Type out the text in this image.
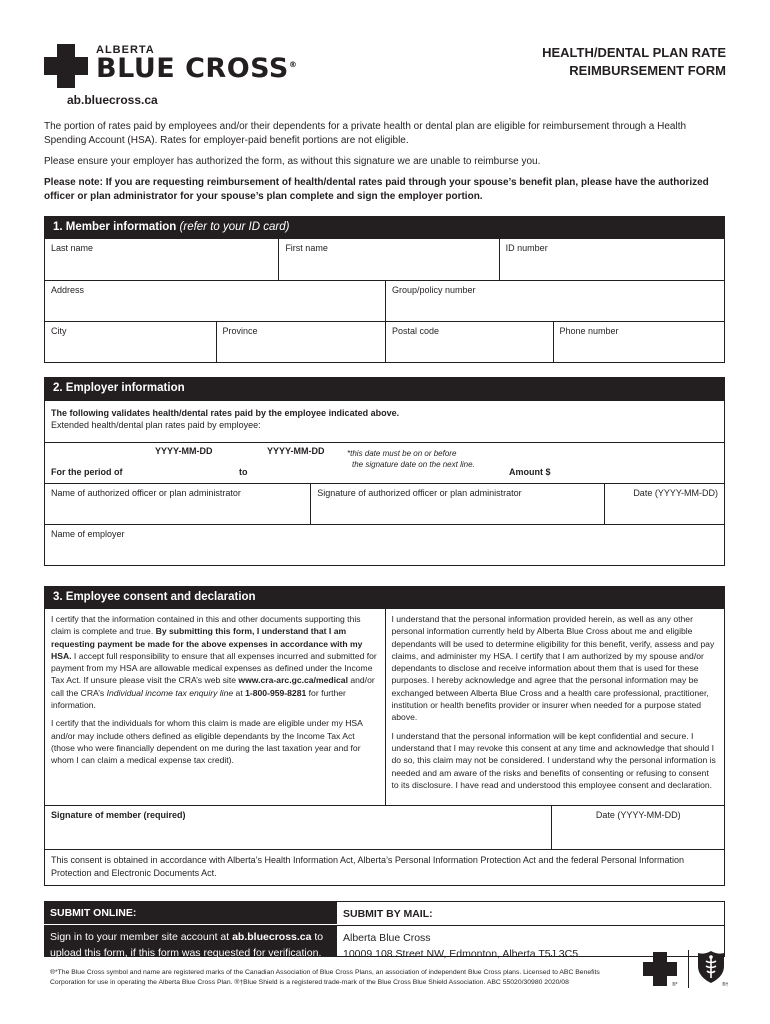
ALBERTA
BLUE CROSS®
ab.bluecross.ca
HEALTH/DENTAL PLAN RATE
REIMBURSEMENT FORM

The portion of rates paid by employees and/or their dependents for a private health or dental plan are eligible for reimbursement through a Health Spending Account (HSA). Rates for employer-paid benefit portions are not eligible.

Please ensure your employer has authorized the form, as without this signature we are unable to reimburse you.

Please note: If you are requesting reimbursement of health/dental rates paid through your spouse’s benefit plan, please have the authorized officer or plan administrator for your spouse’s plan complete and sign the employer portion.

1. Member information (refer to your ID card)
Last name	First name	ID number
Address	Group/policy number
City	Province	Postal code	Phone number
2. Employer information
The following validates health/dental rates paid by the employee indicated above.
Extended health/dental plan rates paid by employee:
YYYY-MM-DD	YYYY-MM-DD
For the period of	to
*this date must be on or before
the signature date on the next line.
Amount $
Name of authorized officer or plan administrator	Signature of authorized officer or plan administrator	Date (YYYY-MM-DD)
Name of employer
3. Employee consent and declaration

I certify that the information contained in this and other documents supporting this claim is complete and true. By submitting this form, I understand that I am requesting payment be made for the above expenses in accordance with my HSA. I accept full responsibility to ensure that all expenses incurred and submitted for payment from my HSA are allowable medical expenses as defined under the Income Tax Act. If unsure please visit the CRA’s web site www.cra-arc.gc.ca/medical and/or call the CRA’s Individual income tax enquiry line at 1-800-959-8281 for further information.

I certify that the individuals for whom this claim is made are eligible under my HSA and/or may include others defined as eligible dependants by the Income Tax Act (those who were financially dependent on me during the last taxation year and for whom I can claim a medical expense tax credit).

I understand that the personal information provided herein, as well as any other personal information currently held by Alberta Blue Cross about me and eligible dependants will be used to determine eligibility for this benefit, verify, assess and pay claims, and administer my HSA. I certify that I am authorized by my spouse and/or dependants to disclose and receive information about them that is used for these purposes. I hereby acknowledge and agree that the personal information may be exchanged between Alberta Blue Cross and a health care professional, practitioner, institution or health benefits provider or insurer when needed for a purpose stated above.

I understand that the personal information will be kept confidential and secure. I understand that I may revoke this consent at any time and acknowledge that should I do so, this claim may not be considered. I understand why the personal information is needed and am aware of the risks and benefits of consenting or refusing to consent to its disclosure. I have read and understood this employee consent and declaration.

Signature of member (required)	Date (YYYY-MM-DD)
This consent is obtained in accordance with Alberta’s Health Information Act, Alberta’s Personal Information Protection Act and the federal Personal Information Protection and Electronic Documents Act.
SUBMIT ONLINE:
Sign in to your member site account at ab.bluecross.ca to upload this form, if this form was requested for verification.
SUBMIT BY MAIL:
Alberta Blue Cross
10009 108 Street NW, Edmonton, Alberta T5J 3C5
®*The Blue Cross symbol and name are registered marks of the Canadian Association of Blue Cross Plans, an association of independent Blue Cross plans. Licensed to ABC Benefits Corporation for use in operating the Alberta Blue Cross Plan. ®†Blue Shield is a registered trade-mark of the Blue Cross Blue Shield Association. ABC 55020/30980 2020/08	®*	®†
